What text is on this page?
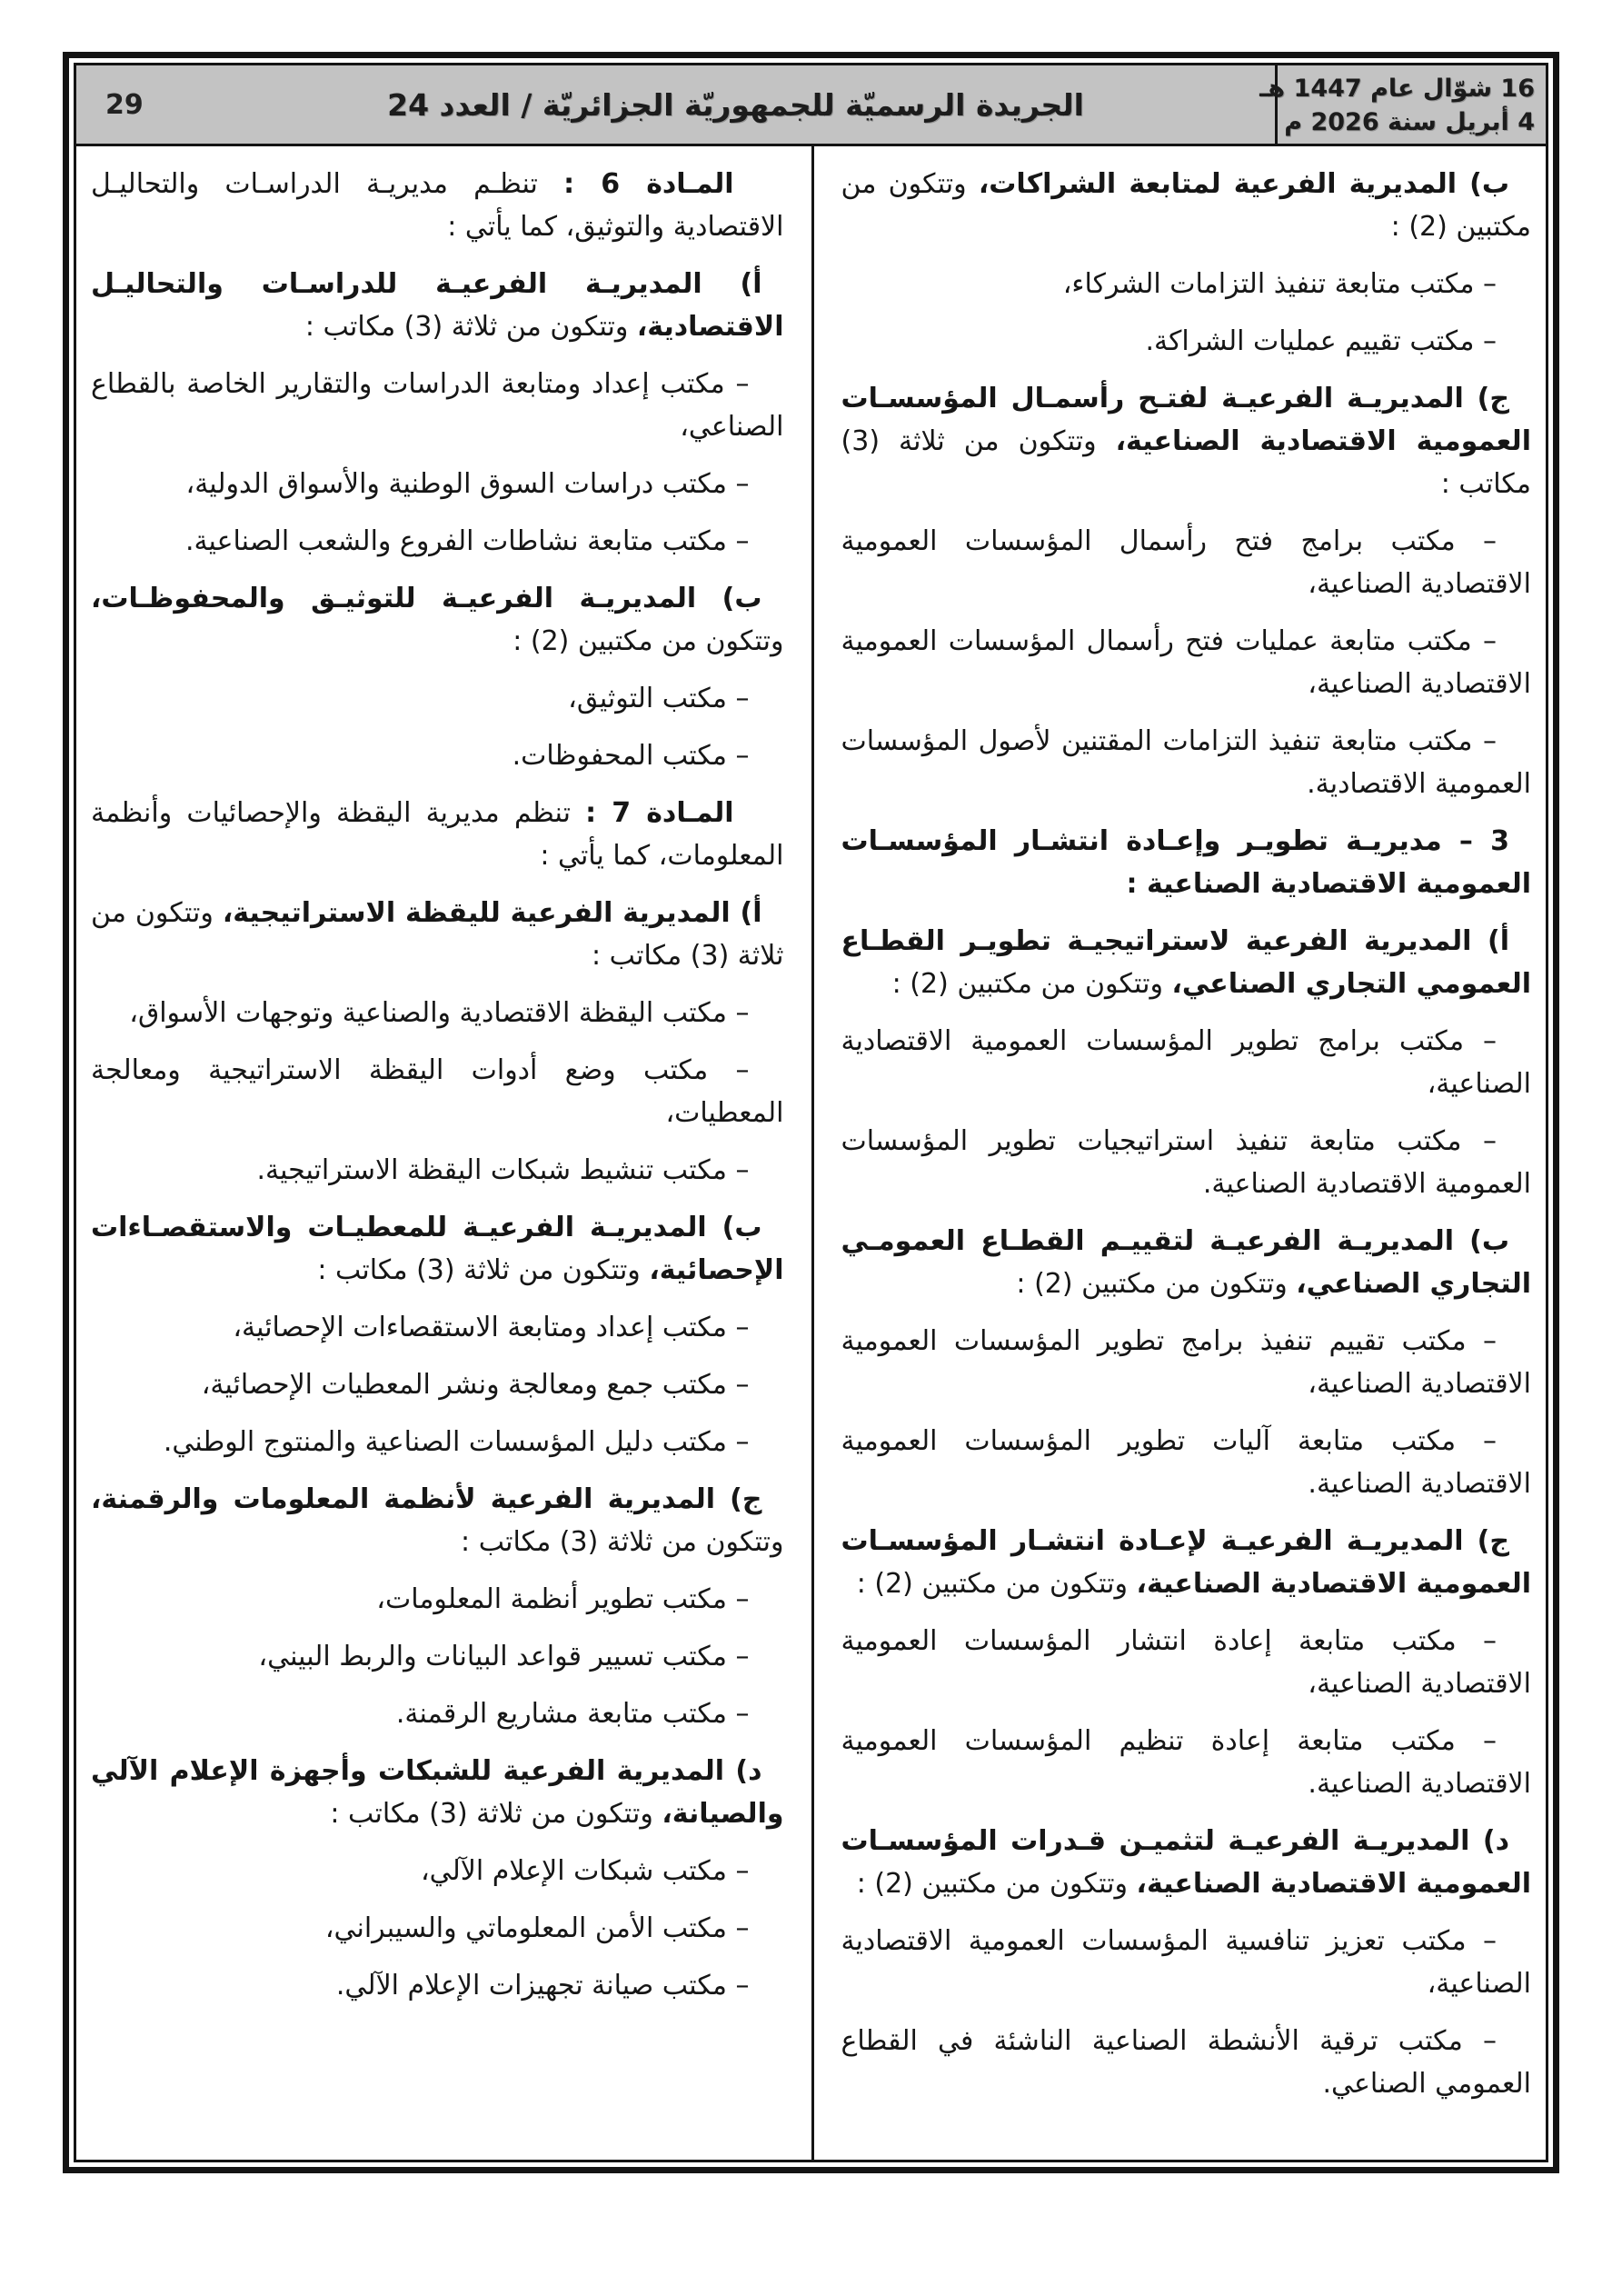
16 شوّال عام 1447 هـ
4 أبريل سنة 2026 م
الجريدة الرسميّة للجمهوريّة الجزائريّة / العدد 24
29

ب) المديرية الفرعية لمتابعة الشراكات، وتتكون من مكتبين (2) :

– مكتب متابعة تنفيذ التزامات الشركاء،

– مكتب تقييم عمليات الشراكة.

ج) المديريـة الفرعيـة لفتـح رأسمـال المؤسسـات العمومية الاقتصادية الصناعية، وتتكون من ثلاثة (3) مكاتب :

– مكتب برامج فتح رأسمال المؤسسات العمومية الاقتصادية الصناعية،

– مكتب متابعة عمليات فتح رأسمال المؤسسات العمومية الاقتصادية الصناعية،

– مكتب متابعة تنفيذ التزامات المقتنين لأصول المؤسسات العمومية الاقتصادية.

3 – مديريـة تطويـر وإعـادة انتشـار المؤسسـات العمومية الاقتصادية الصناعية :

أ) المديرية الفرعية لاستراتيجيـة تطويـر القطـاع العمومي التجاري الصناعي، وتتكون من مكتبين (2) :

– مكتب برامج تطوير المؤسسات العمومية الاقتصادية الصناعية،

– مكتب متابعة تنفيذ استراتيجيات تطوير المؤسسات العمومية الاقتصادية الصناعية.

ب) المديريـة الفرعيـة لتقييـم القطـاع العمومـي التجاري الصناعي، وتتكون من مكتبين (2) :

– مكتب تقييم تنفيذ برامج تطوير المؤسسات العمومية الاقتصادية الصناعية،

– مكتب متابعة آليات تطوير المؤسسات العمومية الاقتصادية الصناعية.

ج) المديريـة الفرعيـة لإعـادة انتشـار المؤسسـات العمومية الاقتصادية الصناعية، وتتكون من مكتبين (2) :

– مكتب متابعة إعادة انتشار المؤسسات العمومية الاقتصادية الصناعية،

– مكتب متابعة إعادة تنظيم المؤسسات العمومية الاقتصادية الصناعية.

د) المديريـة الفرعيـة لتثميـن قـدرات المؤسسـات العمومية الاقتصادية الصناعية، وتتكون من مكتبين (2) :

– مكتب تعزيز تنافسية المؤسسات العمومية الاقتصادية الصناعية،

– مكتب ترقية الأنشطة الصناعية الناشئة في القطاع العمومي الصناعي.

المـادة 6 : تنظـم مديريـة الدراسـات والتحاليـل الاقتصادية والتوثيق، كما يأتي :

أ) المديريـة الفرعيـة للدراسـات والتحاليـل الاقتصادية، وتتكون من ثلاثة (3) مكاتب :

– مكتب إعداد ومتابعة الدراسات والتقارير الخاصة بالقطاع الصناعي،

– مكتب دراسات السوق الوطنية والأسواق الدولية،

– مكتب متابعة نشاطات الفروع والشعب الصناعية.

ب) المديريـة الفرعيـة للتوثيـق والمحفوظـات، وتتكون من مكتبين (2) :

– مكتب التوثيق،

– مكتب المحفوظات.

المـادة 7 : تنظم مديرية اليقظة والإحصائيات وأنظمة المعلومات، كما يأتي :

أ) المديرية الفرعية لليقظة الاستراتيجية، وتتكون من ثلاثة (3) مكاتب :

– مكتب اليقظة الاقتصادية والصناعية وتوجهات الأسواق،

– مكتب وضع أدوات اليقظة الاستراتيجية ومعالجة المعطيات،

– مكتب تنشيط شبكات اليقظة الاستراتيجية.

ب) المديريـة الفرعيـة للمعطيـات والاستقصـاءات الإحصائية، وتتكون من ثلاثة (3) مكاتب :

– مكتب إعداد ومتابعة الاستقصاءات الإحصائية،

– مكتب جمع ومعالجة ونشر المعطيات الإحصائية،

– مكتب دليل المؤسسات الصناعية والمنتوج الوطني.

ج) المديرية الفرعية لأنظمة المعلومات والرقمنة، وتتكون من ثلاثة (3) مكاتب :

– مكتب تطوير أنظمة المعلومات،

– مكتب تسيير قواعد البيانات والربط البيني،

– مكتب متابعة مشاريع الرقمنة.

د) المديرية الفرعية للشبكات وأجهزة الإعلام الآلي والصيانة، وتتكون من ثلاثة (3) مكاتب :

– مكتب شبكات الإعلام الآلي،

– مكتب الأمن المعلوماتي والسيبراني،

– مكتب صيانة تجهيزات الإعلام الآلي.
